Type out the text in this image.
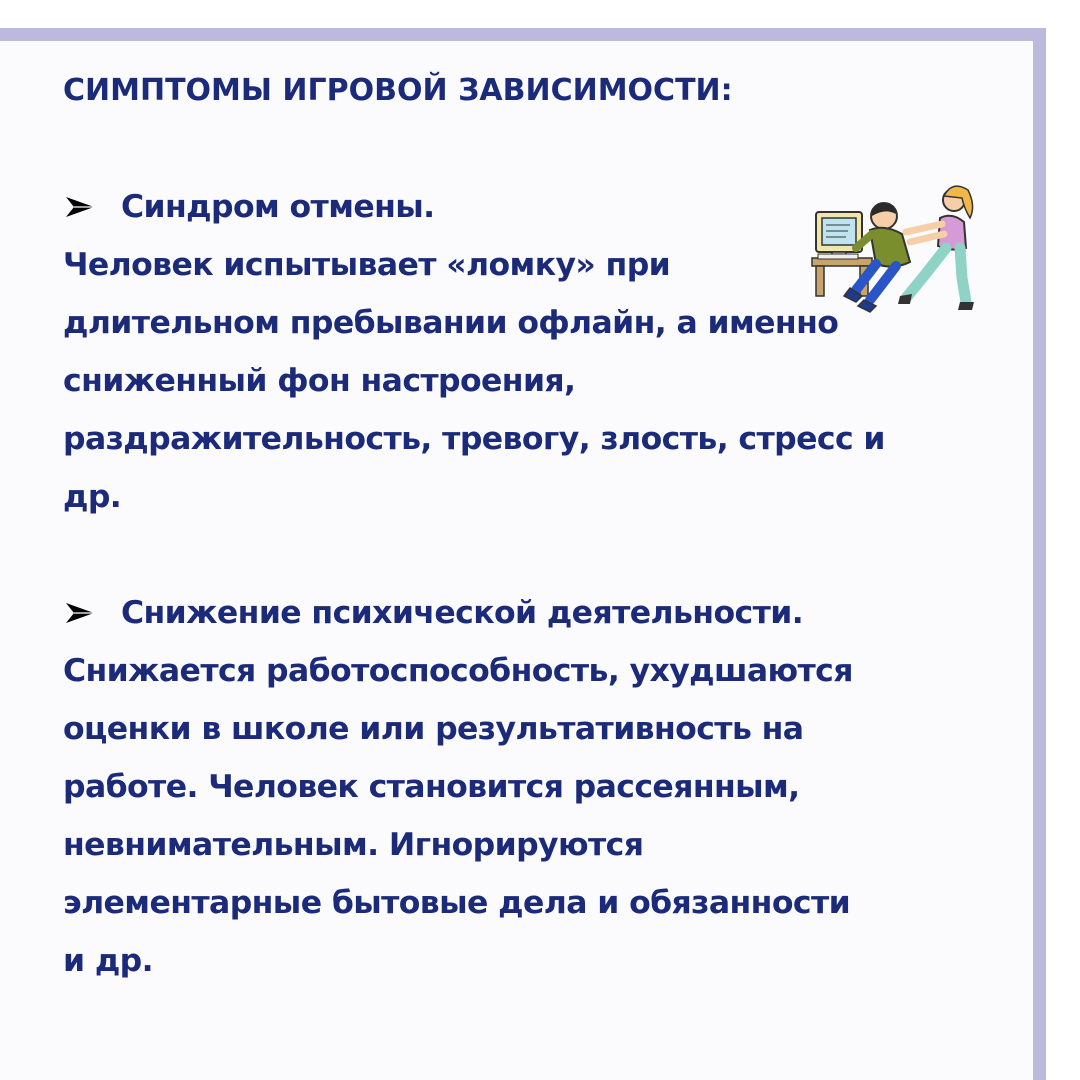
СИМПТОМЫ ИГРОВОЙ ЗАВИСИМОСТИ:

Синдром отмены.

Человек испытывает «ломку» при

длительном пребывании офлайн, а именно

сниженный фон настроения,

раздражительность, тревогу, злость, стресс и

др.

Снижение психической деятельности.

Снижается работоспособность, ухудшаются

оценки в школе или результативность на

работе. Человек становится рассеянным,

невнимательным. Игнорируются

элементарные бытовые дела и обязанности

и др.
